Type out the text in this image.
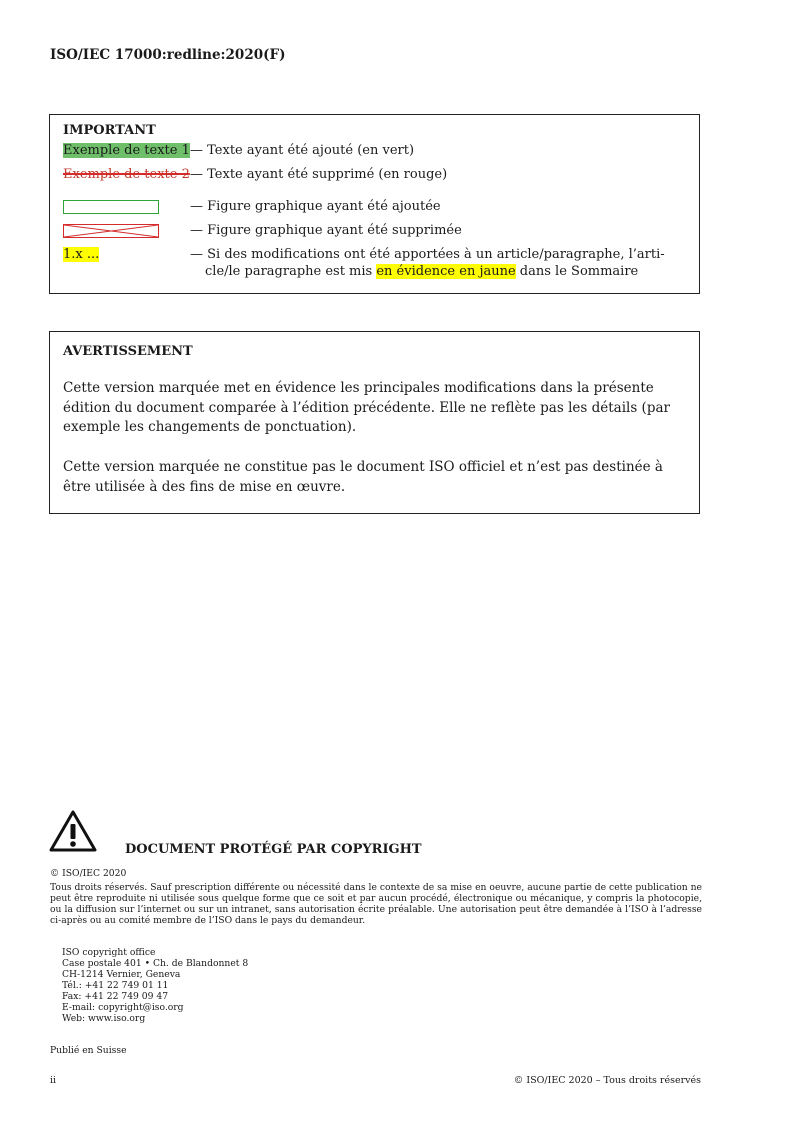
ISO/IEC 17000:redline:2020(F)
IMPORTANT
Exemple de texte 1 — Texte ayant été ajouté (en vert)
Exemple de texte 2 — Texte ayant été supprimé (en rouge)
— Figure graphique ayant été ajoutée
— Figure graphique ayant été supprimée
1.x ...	— Si des modifications ont été apportées à un article/paragraphe, l’arti-
cle/le paragraphe est mis en évidence en jaune dans le Sommaire
AVERTISSEMENT
Cette version marquée met en évidence les principales modifications dans la présente édition du document comparée à l’édition précédente. Elle ne reflète pas les détails (par exemple les changements de ponctuation).
Cette version marquée ne constitue pas le document ISO officiel et n’est pas destinée à être utilisée à des fins de mise en œuvre.
DOCUMENT PROTÉGÉ PAR COPYRIGHT
© ISO/IEC 2020
Tous droits réservés. Sauf prescription différente ou nécessité dans le contexte de sa mise en oeuvre, aucune partie de cette publication ne peut être reproduite ni utilisée sous quelque forme que ce soit et par aucun procédé, électronique ou mécanique, y compris la photocopie, ou la diffusion sur l’internet ou sur un intranet, sans autorisation écrite préalable. Une autorisation peut être demandée à l’ISO à l’adresse ci-après ou au comité membre de l’ISO dans le pays du demandeur.
ISO copyright office
Case postale 401 • Ch. de Blandonnet 8
CH-1214 Vernier, Geneva
Tél.: +41 22 749 01 11
Fax: +41 22 749 09 47
E-mail: copyright@iso.org
Web: www.iso.org
Publié en Suisse
ii	© ISO/IEC 2020 – Tous droits réservés
